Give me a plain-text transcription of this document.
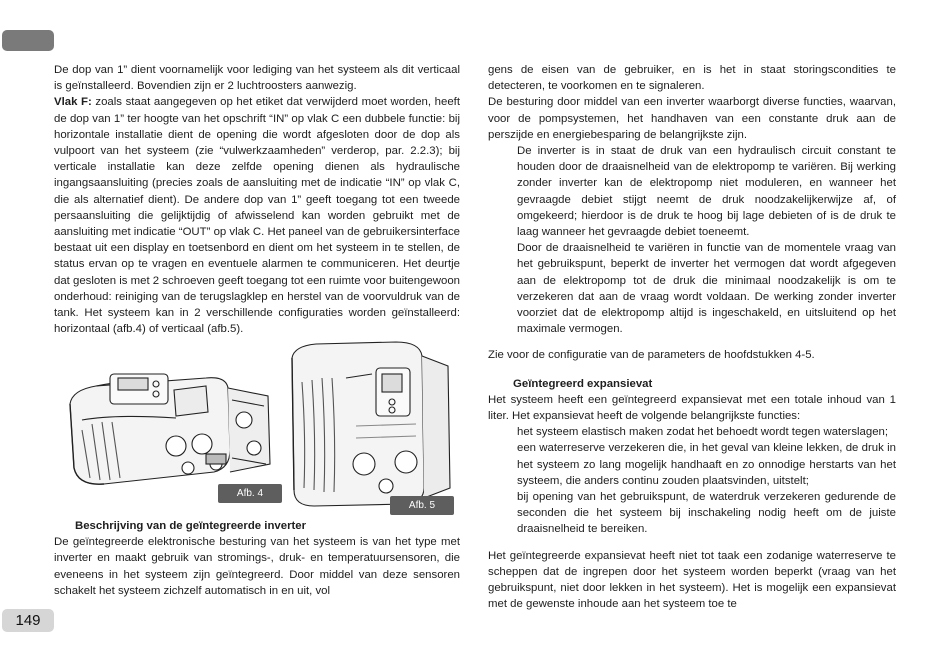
De dop van 1” dient voornamelijk voor lediging van het systeem als dit verticaal is geïnstalleerd. Bovendien zijn er 2 luchtroosters aanwezig.

Vlak F: zoals staat aangegeven op het etiket dat verwijderd moet worden, heeft de dop van 1” ter hoogte van het opschrift “IN” op vlak C een dubbele functie: bij horizontale installatie dient de opening die wordt afgesloten door de dop als vulpoort van het systeem (zie “vulwerkzaamheden” verderop, par. 2.2.3); bij verticale installatie kan deze zelfde opening dienen als hydraulische ingangsaansluiting (precies zoals de aansluiting met de indicatie “IN” op vlak C, die als alternatief dient). De andere dop van 1” geeft toegang tot een tweede persaansluiting die gelijktijdig of afwisselend kan worden gebruikt met de aansluiting met indicatie “OUT” op vlak C. Het paneel van de gebruikersinterface bestaat uit een display en toetsenbord en dient om het systeem in te stellen, de status ervan op te vragen en eventuele alarmen te communiceren. Het deurtje dat gesloten is met 2 schroeven geeft toegang tot een ruimte voor buitengewoon onderhoud: reiniging van de terugslagklep en herstel van de voorvuldruk van de tank. Het systeem kan in 2 verschillende configuraties worden geïnstalleerd: horizontaal (afb.4) of verticaal (afb.5).

Afb. 4
Afb. 5

Beschrijving van de geïntegreerde inverter

De geïntegreerde elektronische besturing van het systeem is van het type met inverter en maakt gebruik van stromings-, druk- en temperatuursensoren, die eveneens in het systeem zijn geïntegreerd. Door middel van deze sensoren schakelt het systeem zichzelf automatisch in en uit, vol

gens de eisen van de gebruiker, en is het in staat storingscondities te detecteren, te voorkomen en te signaleren.

De besturing door middel van een inverter waarborgt diverse functies, waarvan, voor de pompsystemen, het handhaven van een constante druk aan de perszijde en energiebesparing de belangrijkste zijn.

De inverter is in staat de druk van een hydraulisch circuit constant te houden door de draaisnelheid van de elektropomp te variëren. Bij werking zonder inverter kan de elektropomp niet moduleren, en wanneer het gevraagde debiet stijgt neemt de druk noodzakelijkerwijze af, of omgekeerd; hierdoor is de druk te hoog bij lage debieten of is de druk te laag wanneer het gevraagde debiet toeneemt.

Door de draaisnelheid te variëren in functie van de momentele vraag van het gebruikspunt, beperkt de inverter het vermogen dat wordt afgegeven aan de elektropomp tot de druk die minimaal noodzakelijk is om te verzekeren dat aan de vraag wordt voldaan. De werking zonder inverter voorziet dat de elektropomp altijd is ingeschakeld, en uitsluitend op het maximale vermogen.

Zie voor de configuratie van de parameters de hoofdstukken 4-5.

Geïntegreerd expansievat

Het systeem heeft een geïntegreerd expansievat met een totale inhoud van 1 liter. Het expansievat heeft de volgende belangrijkste functies:

het systeem elastisch maken zodat het behoedt wordt tegen waterslagen;

een waterreserve verzekeren die, in het geval van kleine lekken, de druk in het systeem zo lang mogelijk handhaaft en zo onnodige herstarts van het systeem, die anders continu zouden plaatsvinden, uitstelt;

bij opening van het gebruikspunt, de waterdruk verzekeren gedurende de seconden die het systeem bij inschakeling nodig heeft om de juiste draaisnelheid te bereiken.

Het geïntegreerde expansievat heeft niet tot taak een zodanige waterreserve te scheppen dat de ingrepen door het systeem worden beperkt (vraag van het gebruikspunt, niet door lekken in het systeem). Het is mogelijk een expansievat met de gewenste inhoude aan het systeem toe te

149
